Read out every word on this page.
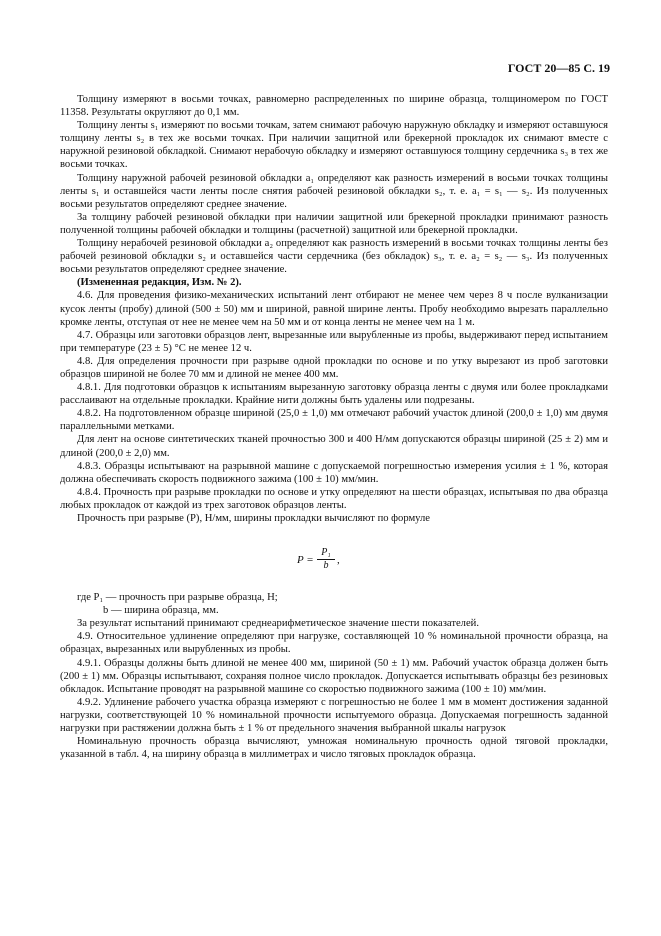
ГОСТ 20—85 С. 19

Толщину измеряют в восьми точках, равномерно распределенных по ширине образца, толщиномером по ГОСТ 11358. Результаты округляют до 0,1 мм.

Толщину ленты s₁ измеряют по восьми точкам, затем снимают рабочую наружную обкладку и измеряют оставшуюся толщину ленты s₂ в тех же восьми точках. При наличии защитной или брекерной прокладок их снимают вместе с наружной резиновой обкладкой. Снимают нерабочую обкладку и измеряют оставшуюся толщину сердечника s₃ в тех же восьми точках.

Толщину наружной рабочей резиновой обкладки a₁ определяют как разность измерений в восьми точках толщины ленты s₁ и оставшейся части ленты после снятия рабочей резиновой обкладки s₂, т. е. a₁ = s₁ — s₂. Из полученных восьми результатов определяют среднее значение.

За толщину рабочей резиновой обкладки при наличии защитной или брекерной прокладки принимают разность полученной толщины рабочей обкладки и толщины (расчетной) защитной или брекерной прокладки.

Толщину нерабочей резиновой обкладки a₂ определяют как разность измерений в восьми точках толщины ленты без рабочей резиновой обкладки s₂ и оставшейся части сердечника (без обкладок) s₃, т. е. a₂ = s₂ — s₃. Из полученных восьми результатов определяют среднее значение.

(Измененная редакция, Изм. № 2).

4.6. Для проведения физико-механических испытаний лент отбирают не менее чем через 8 ч после вулканизации кусок ленты (пробу) длиной (500 ± 50) мм и шириной, равной ширине ленты. Пробу необходимо вырезать параллельно кромке ленты, отступая от нее не менее чем на 50 мм и от конца ленты не менее чем на 1 м.

4.7. Образцы или заготовки образцов лент, вырезанные или вырубленные из пробы, выдерживают перед испытанием при температуре (23 ± 5) °С не менее 12 ч.

4.8. Для определения прочности при разрыве одной прокладки по основе и по утку вырезают из проб заготовки образцов шириной не более 70 мм и длиной не менее 400 мм.

4.8.1. Для подготовки образцов к испытаниям вырезанную заготовку образца ленты с двумя или более прокладками расслаивают на отдельные прокладки. Крайние нити должны быть удалены или подрезаны.

4.8.2. На подготовленном образце шириной (25,0 ± 1,0) мм отмечают рабочий участок длиной (200,0 ± 1,0) мм двумя параллельными метками.

Для лент на основе синтетических тканей прочностью 300 и 400 Н/мм допускаются образцы шириной (25 ± 2) мм и длиной (200,0 ± 2,0) мм.

4.8.3. Образцы испытывают на разрывной машине с допускаемой погрешностью измерения усилия ± 1 %, которая должна обеспечивать скорость подвижного зажима (100 ± 10) мм/мин.

4.8.4. Прочность при разрыве прокладки по основе и утку определяют на шести образцах, испытывая по два образца любых прокладок от каждой из трех заготовок образцов ленты.

Прочность при разрыве (P), Н/мм, ширины прокладки вычисляют по формуле

$P = \frac{\text{P₁}}{b}$ ,

где P₁ — прочность при разрыве образца, Н;

b — ширина образца, мм.

За результат испытаний принимают среднеарифметическое значение шести показателей.

4.9. Относительное удлинение определяют при нагрузке, составляющей 10 % номинальной прочности образца, на образцах, вырезанных или вырубленных из пробы.

4.9.1. Образцы должны быть длиной не менее 400 мм, шириной (50 ± 1) мм. Рабочий участок образца должен быть (200 ± 1) мм. Образцы испытывают, сохраняя полное число прокладок. Допускается испытывать образцы без резиновых обкладок. Испытание проводят на разрывной машине со скоростью подвижного зажима (100 ± 10) мм/мин.

4.9.2. Удлинение рабочего участка образца измеряют с погрешностью не более 1 мм в момент достижения заданной нагрузки, соответствующей 10 % номинальной прочности испытуемого образца. Допускаемая погрешность заданной нагрузки при растяжении должна быть ± 1 % от предельного значения выбранной шкалы нагрузок

Номинальную прочность образца вычисляют, умножая номинальную прочность одной тяговой прокладки, указанной в табл. 4, на ширину образца в миллиметрах и число тяговых прокладок образца.
